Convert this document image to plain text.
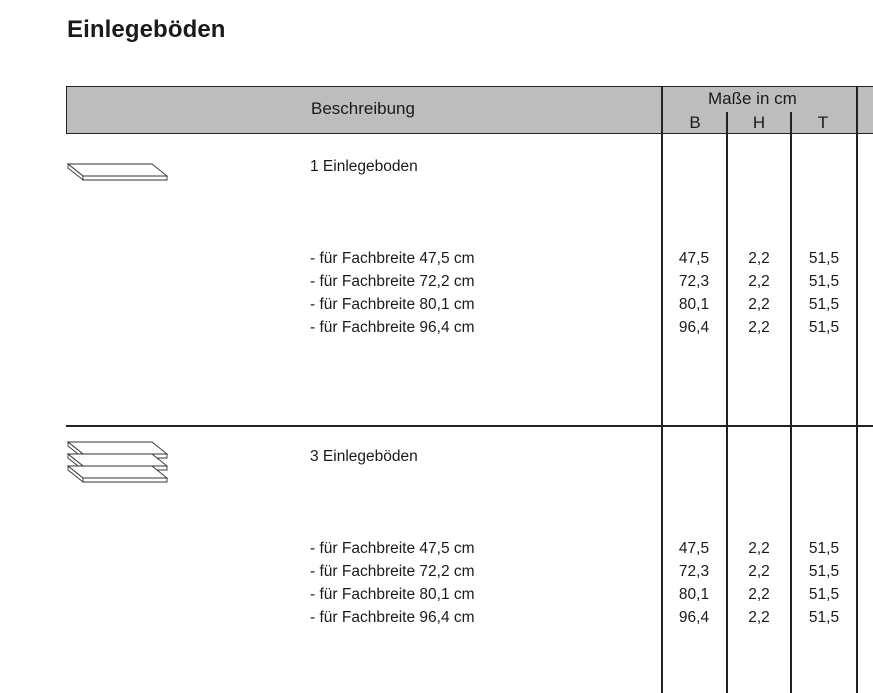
Einlegeböden
Beschreibung
Maße in cm
B	H	T
1 Einlegeboden
- für Fachbreite 47,5 cm
- für Fachbreite 72,2 cm
- für Fachbreite 80,1 cm
- für Fachbreite 96,4 cm
47,5
72,3
80,1
96,4
2,2
2,2
2,2
2,2
51,5
51,5
51,5
51,5
3 Einlegeböden
- für Fachbreite 47,5 cm
- für Fachbreite 72,2 cm
- für Fachbreite 80,1 cm
- für Fachbreite 96,4 cm
47,5
72,3
80,1
96,4
2,2
2,2
2,2
2,2
51,5
51,5
51,5
51,5
